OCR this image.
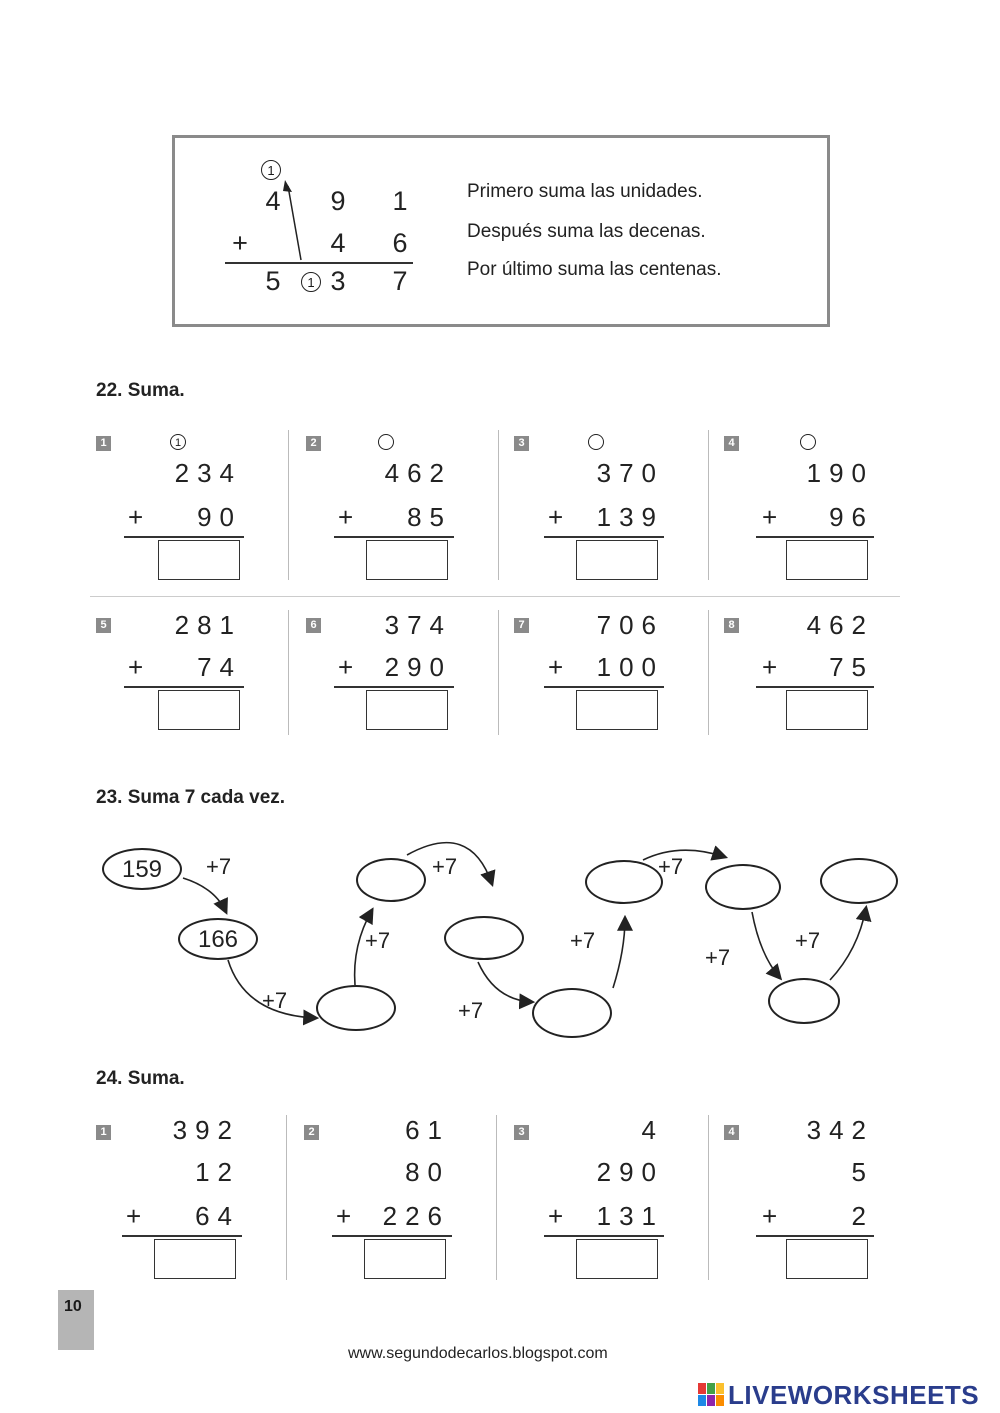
1
4 9 1
+	4 6
5	1 3 7
Primero suma las unidades.
Después suma las decenas.
Por último suma las centenas.
22. Suma.
1	1
234
+	90
2
462
+	85
3
370
+	139
4
190
+	96
5	281
+	74
6	374
+	290
7	706
+	100
8	462
+	75
23. Suma 7 cada vez.
159	+7
166
+7
+7
+7
+7
+7
+7
+7
+7
24. Suma.
1	392
12
+	64
2	61
80
+	226
3	4
290
+	131
4	342
5
+	2
10
www.segundodecarlos.blogspot.com
LIVEWORKSHEETS
